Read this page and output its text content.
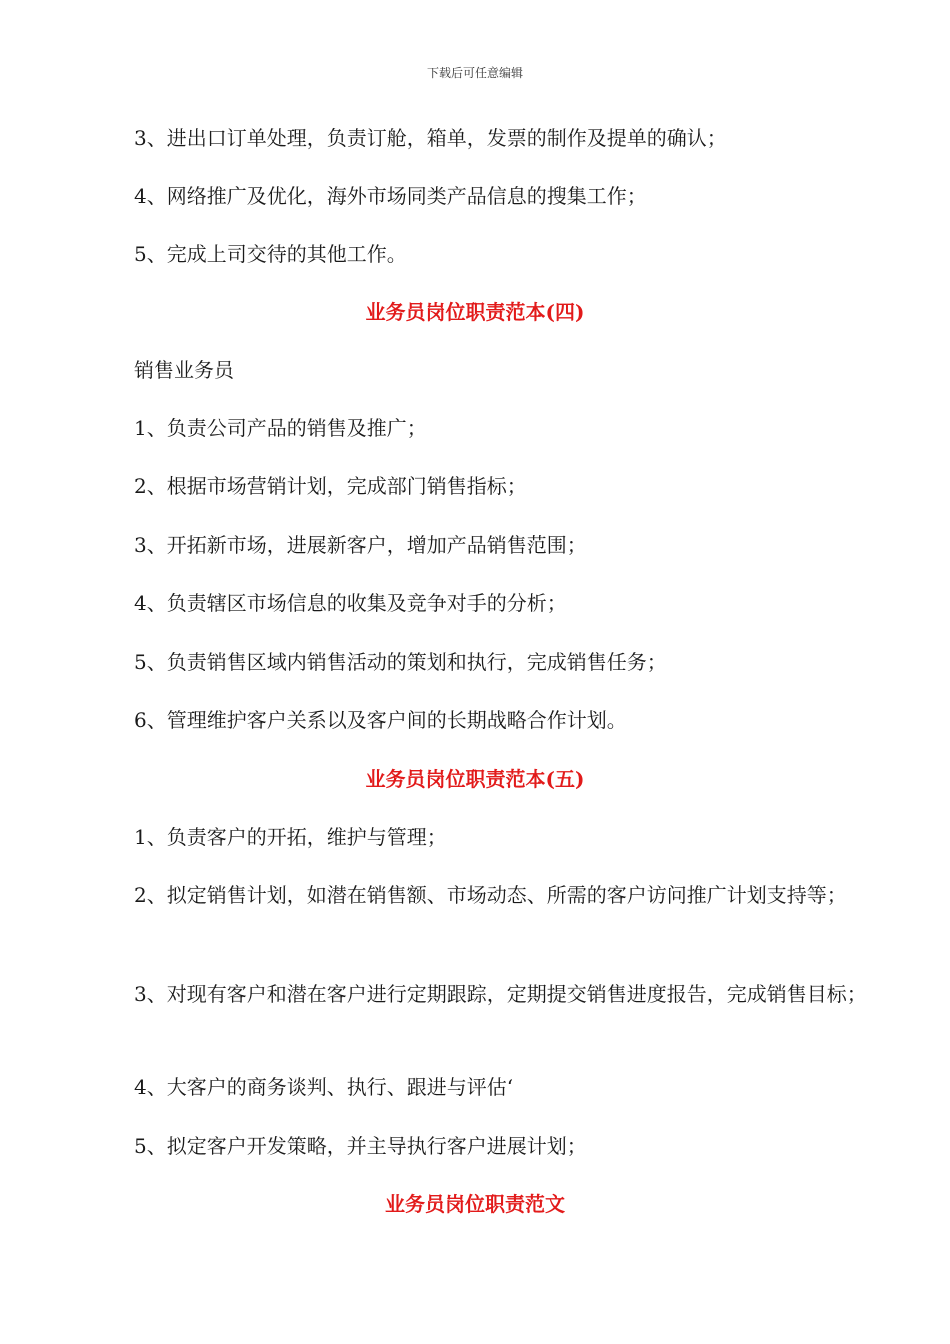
下载后可任意编辑
3、进出口订单处理，负责订舱，箱单，发票的制作及提单的确认；
4、网络推广及优化，海外市场同类产品信息的搜集工作；
5、完成上司交待的其他工作。
业务员岗位职责范本(四)
销售业务员
1、负责公司产品的销售及推广；
2、根据市场营销计划，完成部门销售指标；
3、开拓新市场，进展新客户，增加产品销售范围；
4、负责辖区市场信息的收集及竞争对手的分析；
5、负责销售区域内销售活动的策划和执行，完成销售任务；
6、管理维护客户关系以及客户间的长期战略合作计划。
业务员岗位职责范本(五)
1、负责客户的开拓，维护与管理；
2、拟定销售计划，如潜在销售额、市场动态、所需的客户访问推广计划支持等；
3、对现有客户和潜在客户进行定期跟踪，定期提交销售进度报告，完成销售目标；
4、大客户的商务谈判、执行、跟进与评估‘
5、拟定客户开发策略，并主导执行客户进展计划；
业务员岗位职责范文
